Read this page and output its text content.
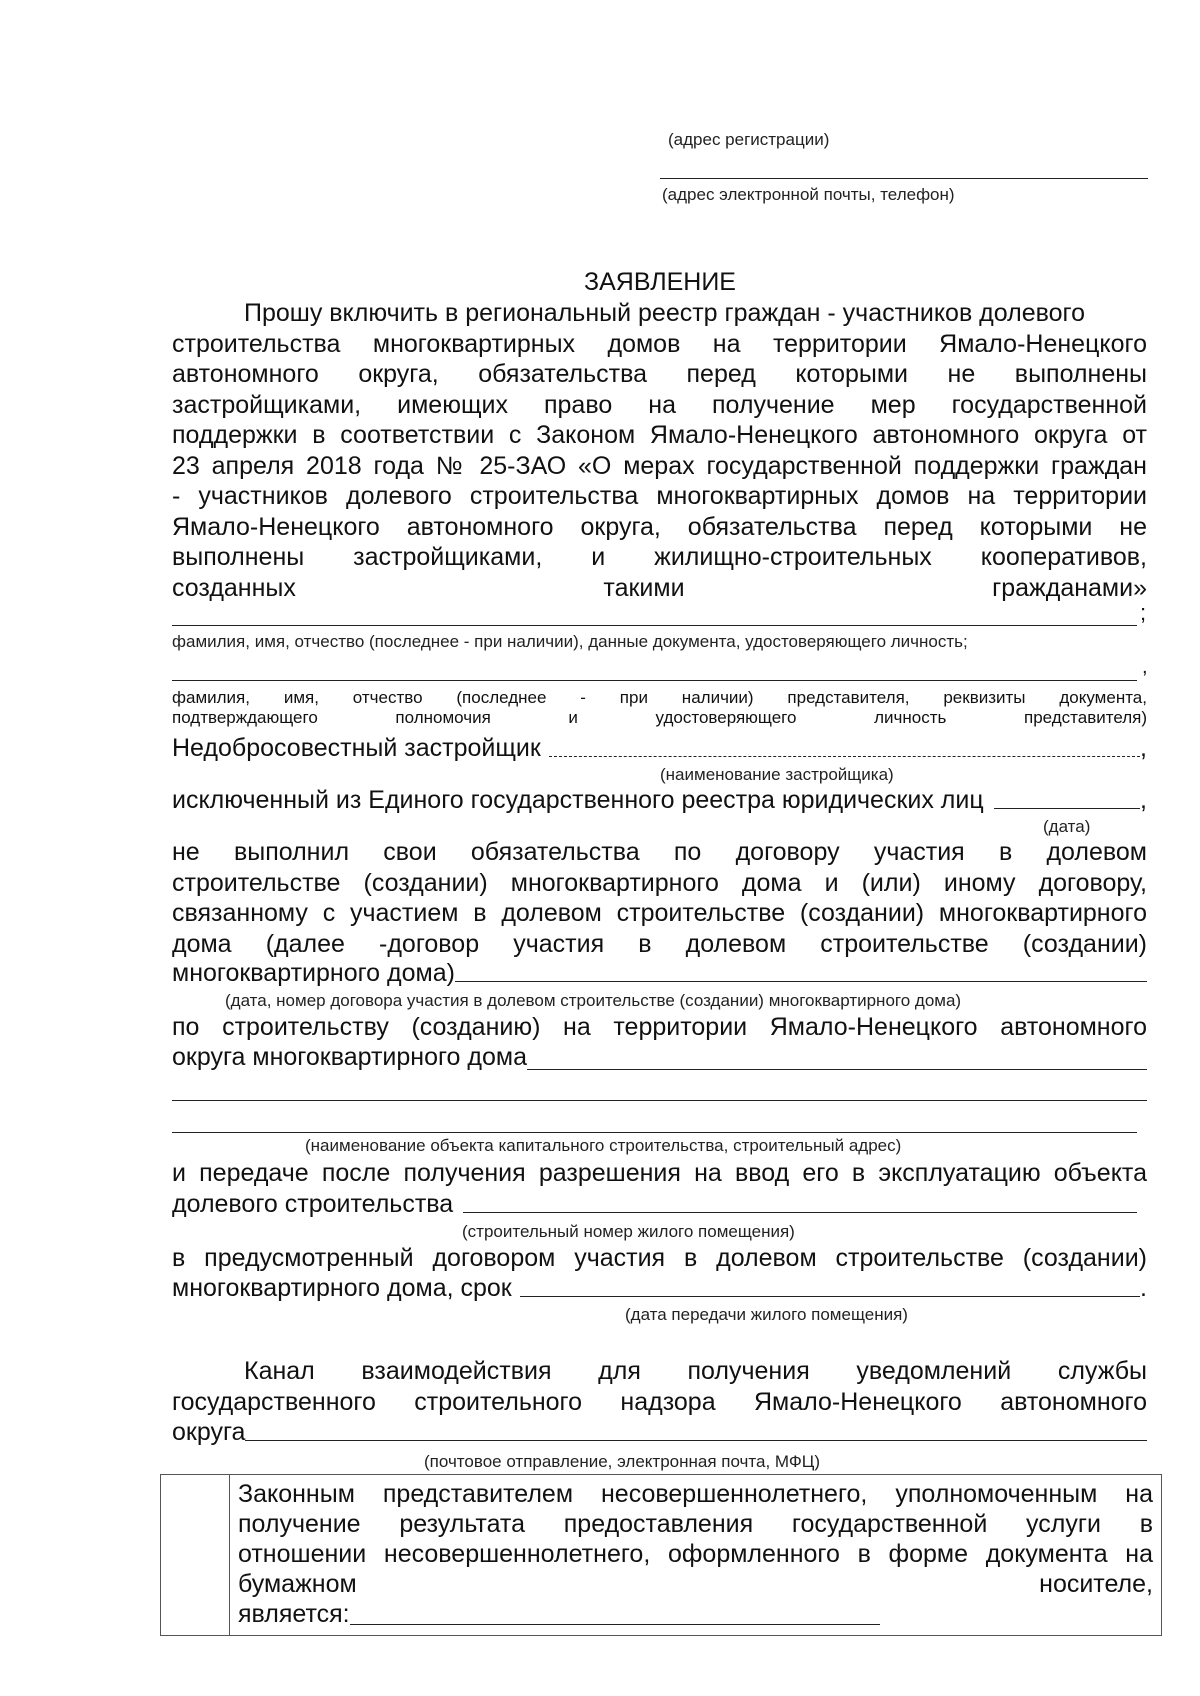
(адрес регистрации)
(адрес электронной почты, телефон)
ЗАЯВЛЕНИЕ
Прошу включить в региональный реестр граждан - участников долевого
строительства многоквартирных домов на территории Ямало-Ненецкого
автономного округа, обязательства перед которыми не выполнены
застройщиками, имеющих право на получение мер государственной
поддержки в соответствии с Законом Ямало-Ненецкого автономного округа от
23 апреля 2018 года № 25-ЗАО «О мерах государственной поддержки граждан
- участников долевого строительства многоквартирных домов на территории
Ямало-Ненецкого автономного округа, обязательства перед которыми не
выполнены застройщиками, и жилищно-строительных кооперативов,
созданных такими гражданами»
;
фамилия, имя, отчество (последнее - при наличии), данные документа, удостоверяющего личность;
,
фамилия, имя, отчество (последнее - при наличии) представителя, реквизиты документа,
подтверждающего полномочия и удостоверяющего личность представителя)
Недобросовестный застройщик	,
(наименование застройщика)
исключенный из Единого государственного реестра юридических лиц	,
(дата)
не выполнил свои обязательства по договору участия в долевом
строительстве (создании) многоквартирного дома и (или) иному договору,
связанному с участием в долевом строительстве (создании) многоквартирного
дома (далее -договор участия в долевом строительстве (создании)
многоквартирного дома)
(дата, номер договора участия в долевом строительстве (создании) многоквартирного дома)
по строительству (созданию) на территории Ямало-Ненецкого автономного
округа многоквартирного дома
(наименование объекта капитального строительства, строительный адрес)
и передаче после получения разрешения на ввод его в эксплуатацию объекта
долевого строительства
(строительный номер жилого помещения)
в предусмотренный договором участия в долевом строительстве (создании)
многоквартирного дома, срок	.
(дата передачи жилого помещения)
Канал взаимодействия для получения уведомлений службы
государственного строительного надзора Ямало-Ненецкого автономного
округа
(почтовое отправление, электронная почта, МФЦ)
Законным представителем несовершеннолетнего, уполномоченным на
получение результата предоставления государственной услуги в
отношении несовершеннолетнего, оформленного в форме документа на
бумажном носителе,
является:
